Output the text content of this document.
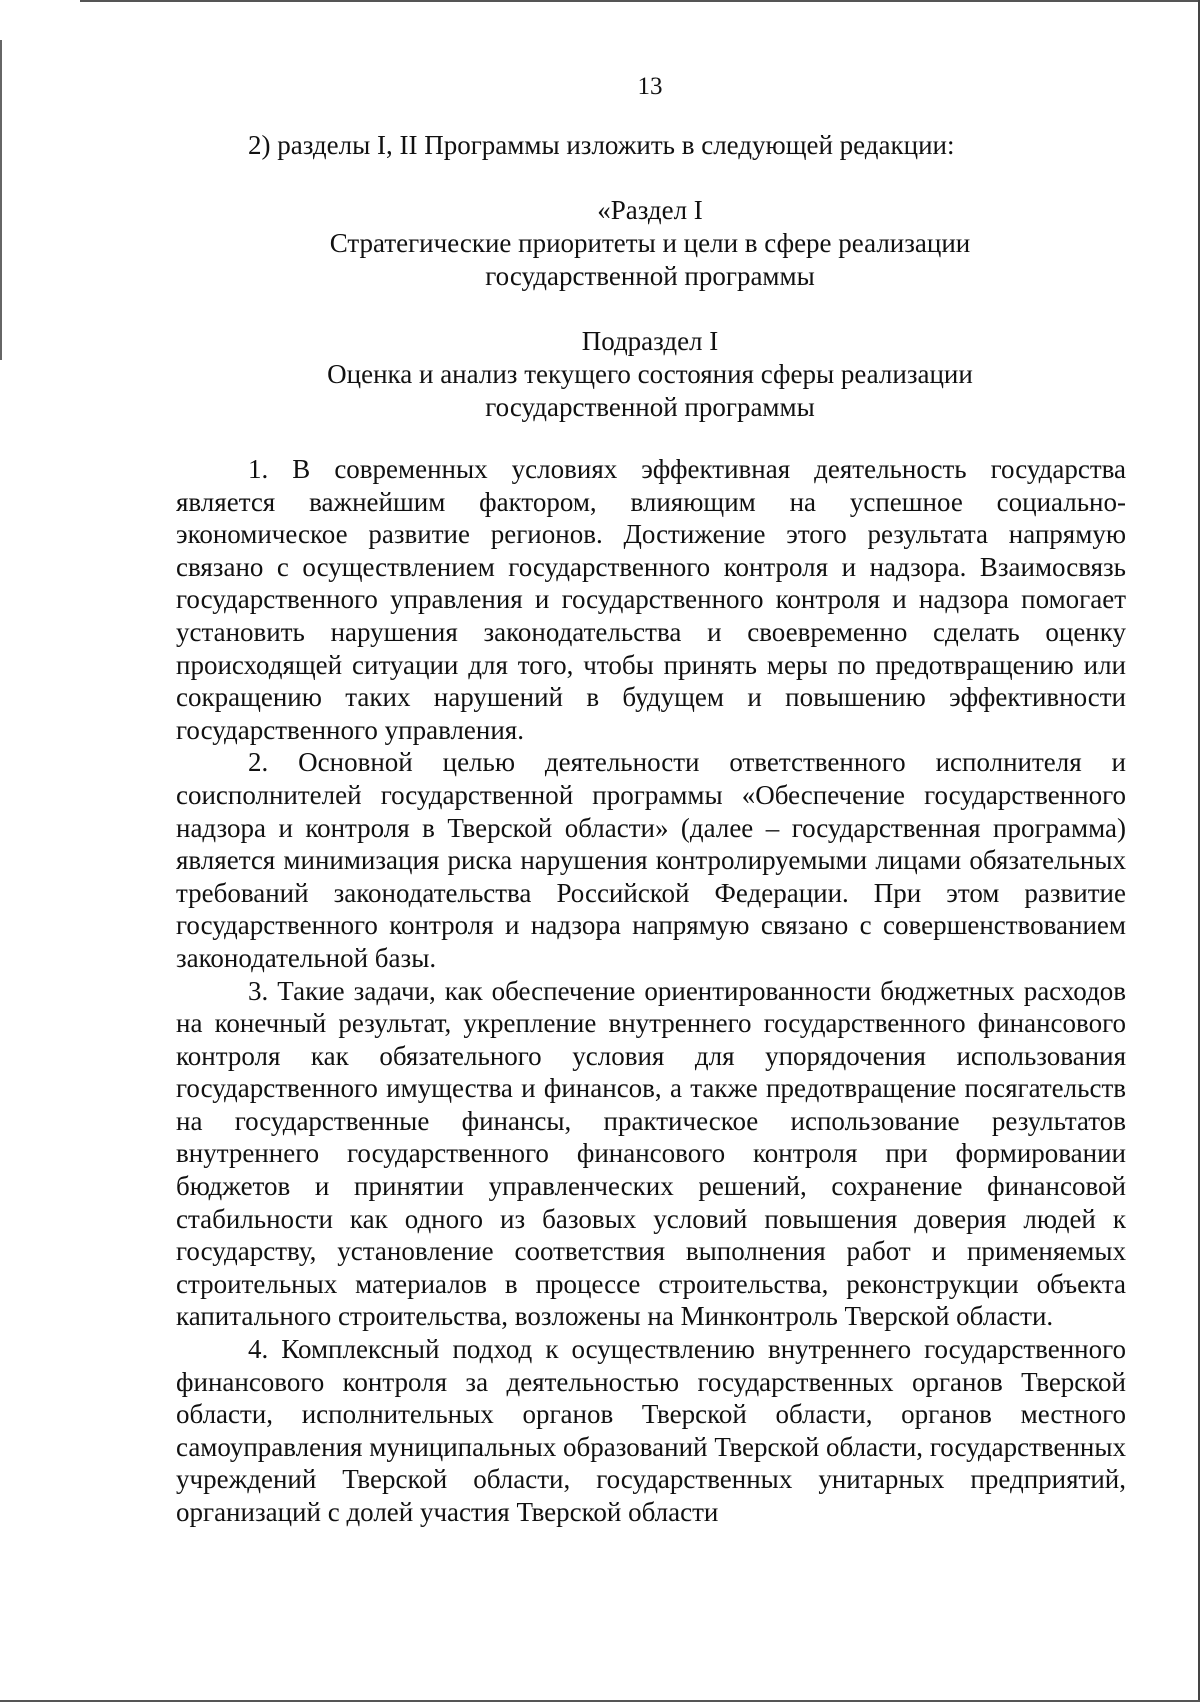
13
2) разделы I, II Программы изложить в следующей редакции:
«Раздел I
Стратегические приоритеты и цели в сфере реализации
государственной программы
Подраздел I
Оценка и анализ текущего состояния сферы реализации
государственной программы

1. В современных условиях эффективная деятельность государства является важнейшим фактором, влияющим на успешное социально-экономическое развитие регионов. Достижение этого результата напрямую связано с осуществлением государственного контроля и надзора. Взаимосвязь государственного управления и государственного контроля и надзора помогает установить нарушения законодательства и своевременно сделать оценку происходящей ситуации для того, чтобы принять меры по предотвращению или сокращению таких нарушений в будущем и повышению эффективности государственного управления.

2. Основной целью деятельности ответственного исполнителя и соисполнителей государственной программы «Обеспечение государственного надзора и контроля в Тверской области» (далее – государственная программа) является минимизация риска нарушения контролируемыми лицами обязательных требований законодательства Российской Федерации. При этом развитие государственного контроля и надзора напрямую связано с совершенствованием законодательной базы.

3. Такие задачи, как обеспечение ориентированности бюджетных расходов на конечный результат, укрепление внутреннего государственного финансового контроля как обязательного условия для упорядочения использования государственного имущества и финансов, а также предотвращение посягательств на государственные финансы, практическое использование результатов внутреннего государственного финансового контроля при формировании бюджетов и принятии управленческих решений, сохранение финансовой стабильности как одного из базовых условий повышения доверия людей к государству, установление соответствия выполнения работ и применяемых строительных материалов в процессе строительства, реконструкции объекта капитального строительства, возложены на Минконтроль Тверской области.

4. Комплексный подход к осуществлению внутреннего государственного финансового контроля за деятельностью государственных органов Тверской области, исполнительных органов Тверской области, органов местного самоуправления муниципальных образований Тверской области, государственных учреждений Тверской области, государственных унитарных предприятий, организаций с долей участия Тверской области
